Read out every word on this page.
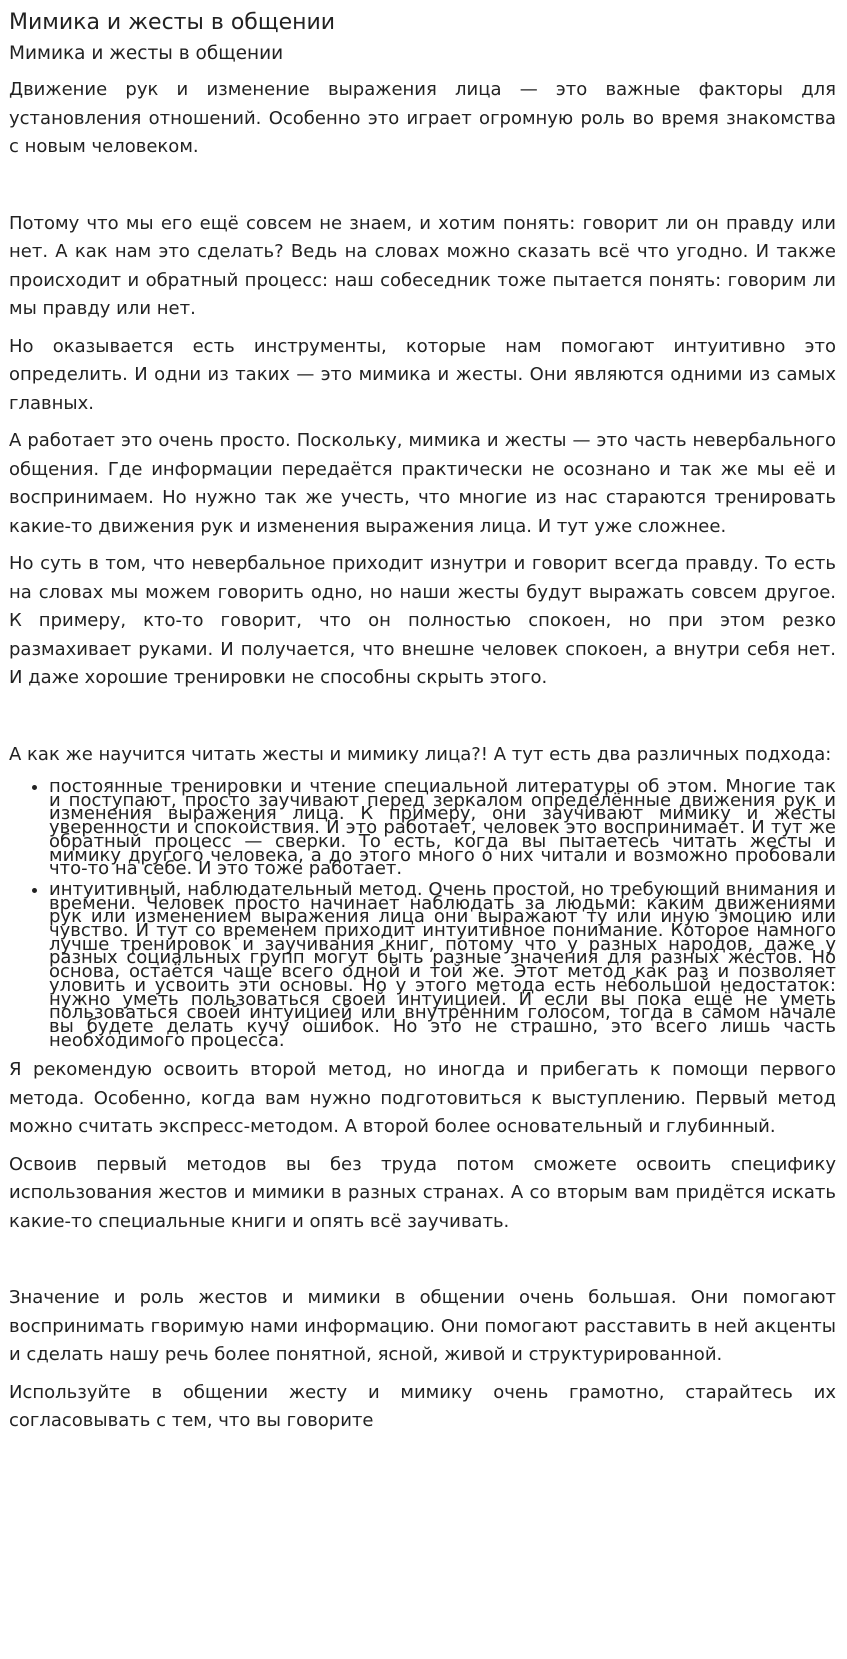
Мимика и жесты в общении
Мимика и жесты в общении

Движение рук и изменение выражения лица — это важные факторы для установления отношений. Особенно это играет огромную роль во время знакомства с новым человеком.

Потому что мы его ещё совсем не знаем, и хотим понять: говорит ли он правду или нет. А как нам это сделать? Ведь на словах можно сказать всё что угодно. И также происходит и обратный процесс: наш собеседник тоже пытается понять: говорим ли мы правду или нет.

Но оказывается есть инструменты, которые нам помогают интуитивно это определить. И одни из таких — это мимика и жесты. Они являются одними из самых главных.

А работает это очень просто. Поскольку, мимика и жесты — это часть невербального общения. Где информации передаётся практически не осознано и так же мы её и воспринимаем. Но нужно так же учесть, что многие из нас стараются тренировать какие-то движения рук и изменения выражения лица. И тут уже сложнее.

Но суть в том, что невербальное приходит изнутри и говорит всегда правду. То есть на словах мы можем говорить одно, но наши жесты будут выражать совсем другое. К примеру, кто-то говорит, что он полностью спокоен, но при этом резко размахивает руками. И получается, что внешне человек спокоен, а внутри себя нет. И даже хорошие тренировки не способны скрыть этого.

А как же научится читать жесты и мимику лица?! А тут есть два различных подхода:

• постоянные тренировки и чтение специальной литературы об этом. Многие так и поступают, просто заучивают перед зеркалом определённые движения рук и изменения выражения лица. К примеру, они заучивают мимику и жесты уверенности и спокойствия. И это работает, человек это воспринимает. И тут же обратный процесс — сверки. То есть, когда вы пытаетесь читать жесты и мимику другого человека, а до этого много о них читали и возможно пробовали что-то на себе. И это тоже работает.
• интуитивный, наблюдательный метод. Очень простой, но требующий внимания и времени. Человек просто начинает наблюдать за людьми: каким движениями рук или изменением выражения лица они выражают ту или иную эмоцию или чувство. И тут со временем приходит интуитивное понимание. Которое намного лучше тренировок и заучивания книг, потому что у разных народов, даже у разных социальных групп могут быть разные значения для разных жестов. Но основа, остаётся чаще всего одной и той же. Этот метод как раз и позволяет уловить и усвоить эти основы. Но у этого метода есть небольшой недостаток: нужно уметь пользоваться своей интуицией. И если вы пока ещё не уметь пользоваться своей интуицией или внутренним голосом, тогда в самом начале вы будете делать кучу ошибок. Но это не страшно, это всего лишь часть необходимого процесса.

Я рекомендую освоить второй метод, но иногда и прибегать к помощи первого метода. Особенно, когда вам нужно подготовиться к выступлению. Первый метод можно считать экспресс-методом. А второй более основательный и глубинный.

Освоив первый методов вы без труда потом сможете освоить специфику использования жестов и мимики в разных странах. А со вторым вам придётся искать какие-то специальные книги и опять всё заучивать.

Значение и роль жестов и мимики в общении очень большая. Они помогают воспринимать гворимую нами информацию. Они помогают расставить в ней акценты и сделать нашу речь более понятной, ясной, живой и структурированной.

Используйте в общении жесту и мимику очень грамотно, старайтесь их согласовывать с тем, что вы говорите
